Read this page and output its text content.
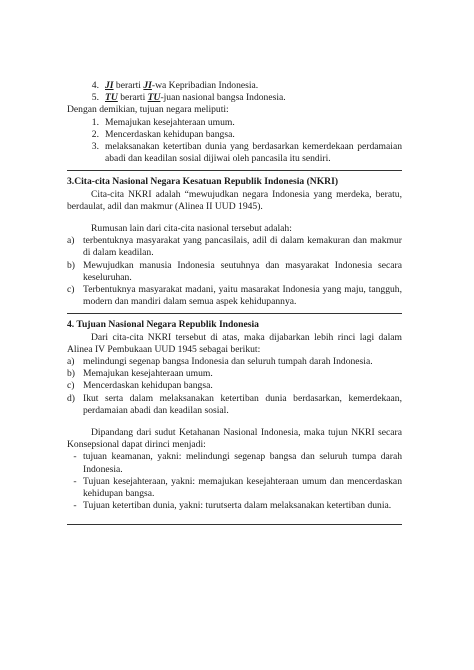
4. JI berarti JI-wa Kepribadian Indonesia.
5. TU berarti TU-juan nasional bangsa Indonesia.
Dengan demikian, tujuan negara meliputi:
1. Memajukan kesejahteraan umum.
2. Mencerdaskan kehidupan bangsa.
3. melaksanakan ketertiban dunia yang berdasarkan kemerdekaan perdamaian abadi dan keadilan sosial dijiwai oleh pancasila itu sendiri.
3.Cita-cita Nasional Negara Kesatuan Republik Indonesia (NKRI)
Cita-cita NKRI adalah “mewujudkan negara Indonesia yang merdeka, beratu, berdaulat, adil dan makmur (Alinea II UUD 1945).
Rumusan lain dari cita-cita nasional tersebut adalah:
a) terbentuknya masyarakat yang pancasilais, adil di dalam kemakuran dan makmur di dalam keadilan.
b) Mewujudkan manusia Indonesia seutuhnya dan masyarakat Indonesia secara keseluruhan.
c) Terbentuknya masyarakat madani, yaitu masarakat Indonesia yang maju, tangguh, modern dan mandiri dalam semua aspek kehidupannya.
4. Tujuan Nasional Negara Republik Indonesia
Dari cita-cita NKRI tersebut di atas, maka dijabarkan lebih rinci lagi dalam Alinea IV Pembukaan UUD 1945 sebagai berikut:
a) melindungi segenap bangsa Indonesia dan seluruh tumpah darah Indonesia.
b) Memajukan kesejahteraan umum.
c) Mencerdaskan kehidupan bangsa.
d) Ikut serta dalam melaksanakan ketertiban dunia berdasarkan, kemerdekaan, perdamaian abadi dan keadilan sosial.
Dipandang dari sudut Ketahanan Nasional Indonesia, maka tujun NKRI secara Konsepsional dapat dirinci menjadi:
- tujuan keamanan, yakni: melindungi segenap bangsa dan seluruh tumpa darah Indonesia.
- Tujuan kesejahteraan, yakni: memajukan kesejahteraan umum dan mencerdaskan kehidupan bangsa.
- Tujuan ketertiban dunia, yakni: turutserta dalam melaksanakan ketertiban dunia.
